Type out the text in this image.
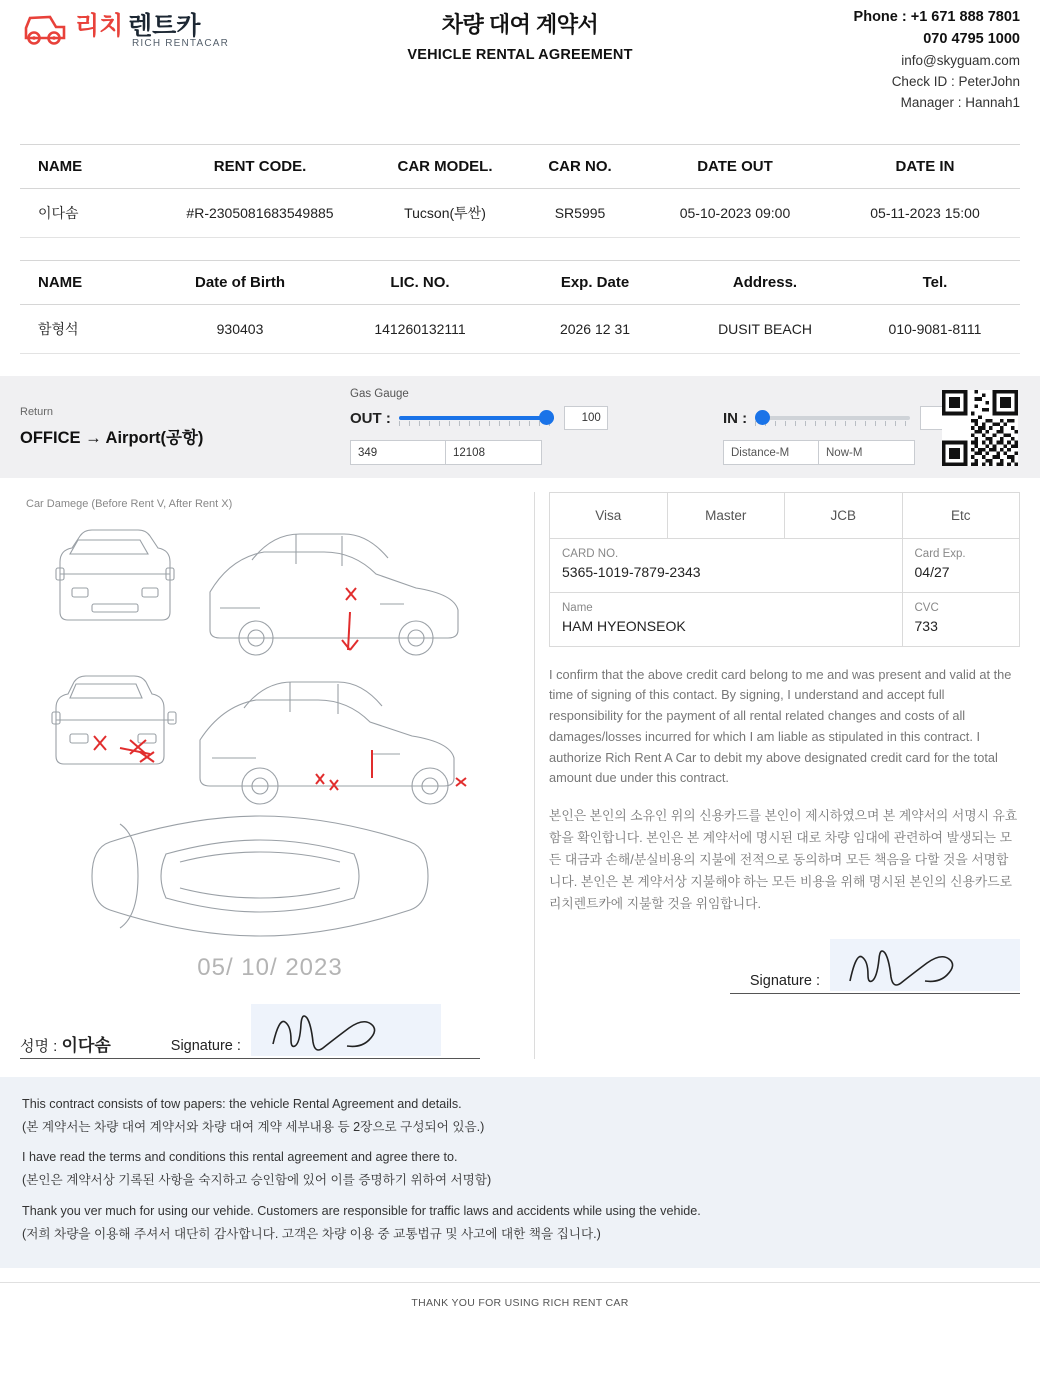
리치 렌트카
RICH RENTACAR
차량 대여 계약서
VEHICLE RENTAL AGREEMENT
Phone : +1 671 888 7801
070 4795 1000
info@skyguam.com
Check ID : PeterJohn
Manager : Hannah1
NAME	RENT CODE.	CAR MODEL.	CAR NO.	DATE OUT	DATE IN
이다솜	#R-2305081683549885	Tucson(투싼)	SR5995	05-10-2023 09:00	05-11-2023 15:00
NAME	Date of Birth	LIC. NO.	Exp. Date	Address.	Tel.
함형석	930403	141260132111	2026 12 31	DUSIT BEACH	010-9081-8111
Return
OFFICE → Airport(공항)
Gas Gauge
OUT :	100
349	12108
IN :
Distance-M	Now-M
Car Damege (Before Rent V, After Rent X)
05/ 10/ 2023
성명 : 이다솜	Signature :
Visa	Master	JCB	Etc

CARD NO.
5365-1019-7879-2343

Card Exp.
04/27

Name
HAM HYEONSEOK

CVC
733
I confirm that the above credit card belong to me and was present and valid at the time of signing of this contact. By signing, I understand and accept full responsibility for the payment of all rental related changes and costs of all damages/losses incurred for which I am liable as stipulated in this contract. I authorize Rich Rent A Car to debit my above designated credit card for the total amount due under this contract.
본인은 본인의 소유인 위의 신용카드를 본인이 제시하였으며 본 계약서의 서명시 유효함을 확인합니다. 본인은 본 계약서에 명시된 대로 차량 임대에 관련하여 발생되는 모든 대금과 손해/분실비용의 지불에 전적으로 동의하며 모든 책음을 다할 것을 서명합니다. 본인은 본 계약서상 지불해야 하는 모든 비용을 위해 명시된 본인의 신용카드로 리치렌트카에 지불할 것을 위임합니다.
Signature :

This contract consists of tow papers: the vehicle Rental Agreement and details.

(본 계약서는 차량 대여 계약서와 차량 대여 계약 세부내용 등 2장으로 구성되어 있음.)

I have read the terms and conditions this rental agreement and agree there to.

(본인은 계약서상 기록된 사항을 숙지하고 승인함에 있어 이를 증명하기 위하여 서명함)

Thank you ver much for using our vehide. Customers are responsible for traffic laws and accidents while using the vehide.

(저희 차량을 이용해 주셔서 대단히 감사합니다. 고객은 차량 이용 중 교통법규 및 사고에 대한 책을 집니다.)

THANK YOU FOR USING RICH RENT CAR
